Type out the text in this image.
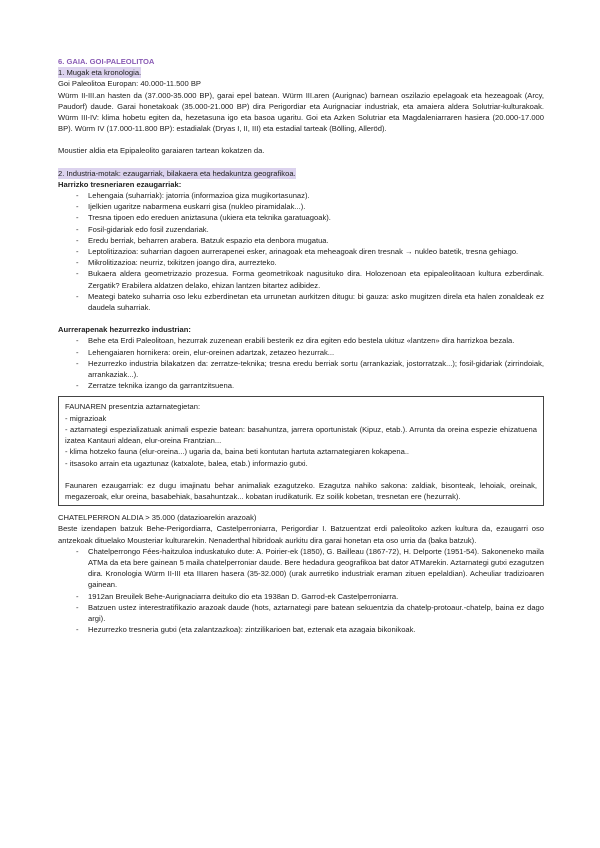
6. GAIA. GOI-PALEOLITOA

1. Mugak eta kronologia.

Goi Paleolitoa Europan: 40.000-11.500 BP

Würm II-III.an hasten da (37.000-35.000 BP), garai epel batean. Würm III.aren (Aurignac) barnean oszilazio epelagoak eta hezeagoak (Arcy, Paudorf) daude. Garai honetakoak (35.000-21.000 BP) dira Perigordiar eta Aurignaciar industriak, eta amaiera aldera Solutriar-kulturakoak. Würm III-IV: klima hobetu egiten da, hezetasuna igo eta basoa ugaritu. Goi eta Azken Solutriar eta Magdaleniarraren hasiera (20.000-17.000 BP). Würm IV (17.000-11.800 BP): estadialak (Dryas I, II, III) eta estadial tarteak (Bölling, Alleröd).

Moustier aldia eta Epipaleolito garaiaren tartean kokatzen da.

2. Industria-motak: ezaugarriak, bilakaera eta hedakuntza geografikoa.

Harrizko tresneriaren ezaugarriak:

- Lehengaia (suharriak): jatorria (informazioa giza mugikortasunaz).
- Ijelkien ugaritze nabarmena euskarri gisa (nukleo piramidalak...).
- Tresna tipoen edo ereduen aniztasuna (ukiera eta teknika garatuagoak).
- Fosil-gidariak edo fosil zuzendariak.
- Eredu berriak, beharren arabera. Batzuk espazio eta denbora mugatua.
- Leptolitizazioa: suharrian dagoen aurrerapenei esker, arinagoak eta meheagoak diren tresnak → nukleo batetik, tresna gehiago.
- Mikrolitizazioa: neurriz, txikitzen joango dira, aurrezteko.
- Bukaera aldera geometrizazio prozesua. Forma geometrikoak nagusituko dira. Holozenoan eta epipaleolitaoan kultura ezberdinak. Zergatik? Erabilera aldatzen delako, ehizan lantzen bitartez adibidez.
- Meategi bateko suharria oso leku ezberdinetan eta urrunetan aurkitzen ditugu: bi gauza: asko mugitzen direla eta halen zonaldeak ez daudela suharriak.

Aurrerapenak hezurrezko industrian:

- Behe eta Erdi Paleolitoan, hezurrak zuzenean erabili besterik ez dira egiten edo bestela ukituz «lantzen» dira harrizkoa bezala.
- Lehengaiaren hornikera: orein, elur-oreinen adartzak, zetazeo hezurrak...
- Hezurrezko industria bilakatzen da: zerratze-teknika; tresna eredu berriak sortu (arrankaziak, jostorratzak...); fosil-gidariak (zirrindoiak, arrankaziak...).
- Zerratze teknika izango da garrantzitsuena.

FAUNAREN presentzia aztarnategietan:

- migrazioak

- aztarnategi espezializatuak animali espezie batean: basahuntza, jarrera oportunistak (Kipuz, etab.). Arrunta da oreina espezie ehizatuena izatea Kantauri aldean, elur-oreina Frantzian...

- klima hotzeko fauna (elur-oreina...) ugaria da, baina beti kontutan hartuta aztarnategiaren kokapena..

- itsasoko arrain eta ugaztunaz (katxalote, balea, etab.) informazio gutxi.

Faunaren ezaugarriak: ez dugu imajinatu behar animaliak ezagutzeko. Ezagutza nahiko sakona: zaldiak, bisonteak, lehoiak, oreinak, megazeroak, elur oreina, basabehiak, basahuntzak... kobatan irudikaturik. Ez soilik kobetan, tresnetan ere (hezurrak).

CHATELPERRON ALDIA > 35.000 (datazioarekin arazoak)

Beste izendapen batzuk Behe-Perigordiarra, Castelperroniarra, Perigordiar I. Batzuentzat erdi paleolitoko azken kultura da, ezaugarri oso antzekoak dituelako Mousteriar kulturarekin. Nenaderthal hibridoak aurkitu dira garai honetan eta oso urria da (baka batzuk).

- Chatelperrongo Fées-haitzuloa induskatuko dute: A. Poirier-ek (1850), G. Bailleau (1867-72), H. Delporte (1951-54). Sakoneneko maila ATMa da eta bere gainean 5 maila chatelperroniar daude. Bere hedadura geografikoa bat dator ATMarekin. Aztarnategi gutxi ezagutzen dira. Kronologia Würm II-III eta IIIaren hasera (35-32.000) (urak aurretiko industriak eraman zituen epelaldian). Acheuliar tradizioaren gainean.
- 1912an Breuilek Behe-Aurignaciarra deituko dio eta 1938an D. Garrod-ek Castelperroniarra.
- Batzuen ustez interestratifikazio arazoak daude (hots, aztarnategi pare batean sekuentzia da chatelp-protoaur.-chatelp, baina ez dago argi).
- Hezurrezko tresneria gutxi (eta zalantzazkoa): zintzilikarioen bat, eztenak eta azagaia bikonikoak.
